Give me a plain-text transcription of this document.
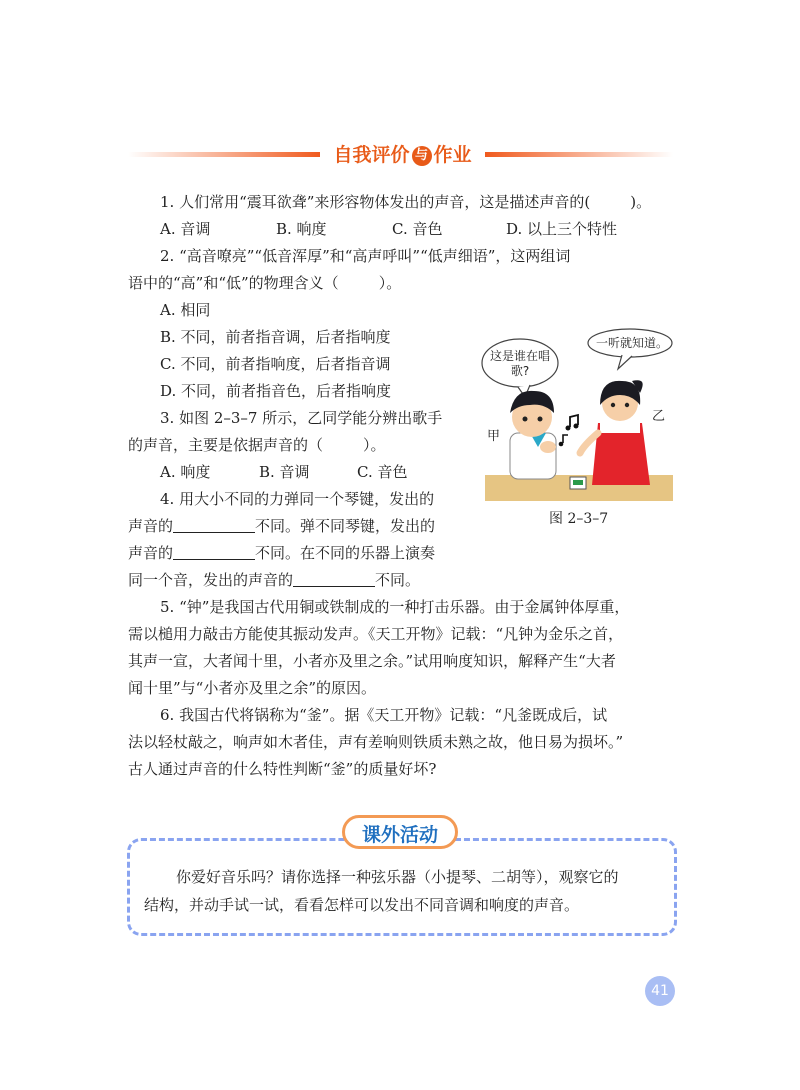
自我评价 与 作业
1. 人们常用“震耳欲聋”来形容物体发出的声音，这是描述声音的(	)。
A. 音调	B. 响度	C. 音色	D. 以上三个特性
2. “高音嘹亮”“低音浑厚”和“高声呼叫”“低声细语”，这两组词
语中的“高”和“低”的物理含义（	）。
A. 相同
B. 不同，前者指音调，后者指响度
C. 不同，前者指响度，后者指音调
D. 不同，前者指音色，后者指响度
3. 如图 2–3–7 所示，乙同学能分辨出歌手
的声音，主要是依据声音的（	）。
A. 响度	B. 音调	C. 音色
4. 用大小不同的力弹同一个琴键，发出的
声音的	不同。弹不同琴键，发出的
声音的	不同。在不同的乐器上演奏
同一个音，发出的声音的	不同。
这是谁在唱歌?
一听就知道。
甲
乙
图 2–3–7
5. “钟”是我国古代用铜或铁制成的一种打击乐器。由于金属钟体厚重，
需以槌用力敲击方能使其振动发声。《天工开物》记载：“凡钟为金乐之首，
其声一宣，大者闻十里，小者亦及里之余。”试用响度知识，解释产生“大者
闻十里”与“小者亦及里之余”的原因。
6. 我国古代将锅称为“釜”。据《天工开物》记载：“凡釜既成后，试
法以轻杖敲之，响声如木者佳，声有差响则铁质未熟之故，他日易为损坏。”
古人通过声音的什么特性判断“釜”的质量好坏?
课外活动
你爱好音乐吗？请你选择一种弦乐器（小提琴、二胡等），观察它的
结构，并动手试一试，看看怎样可以发出不同音调和响度的声音。
41
